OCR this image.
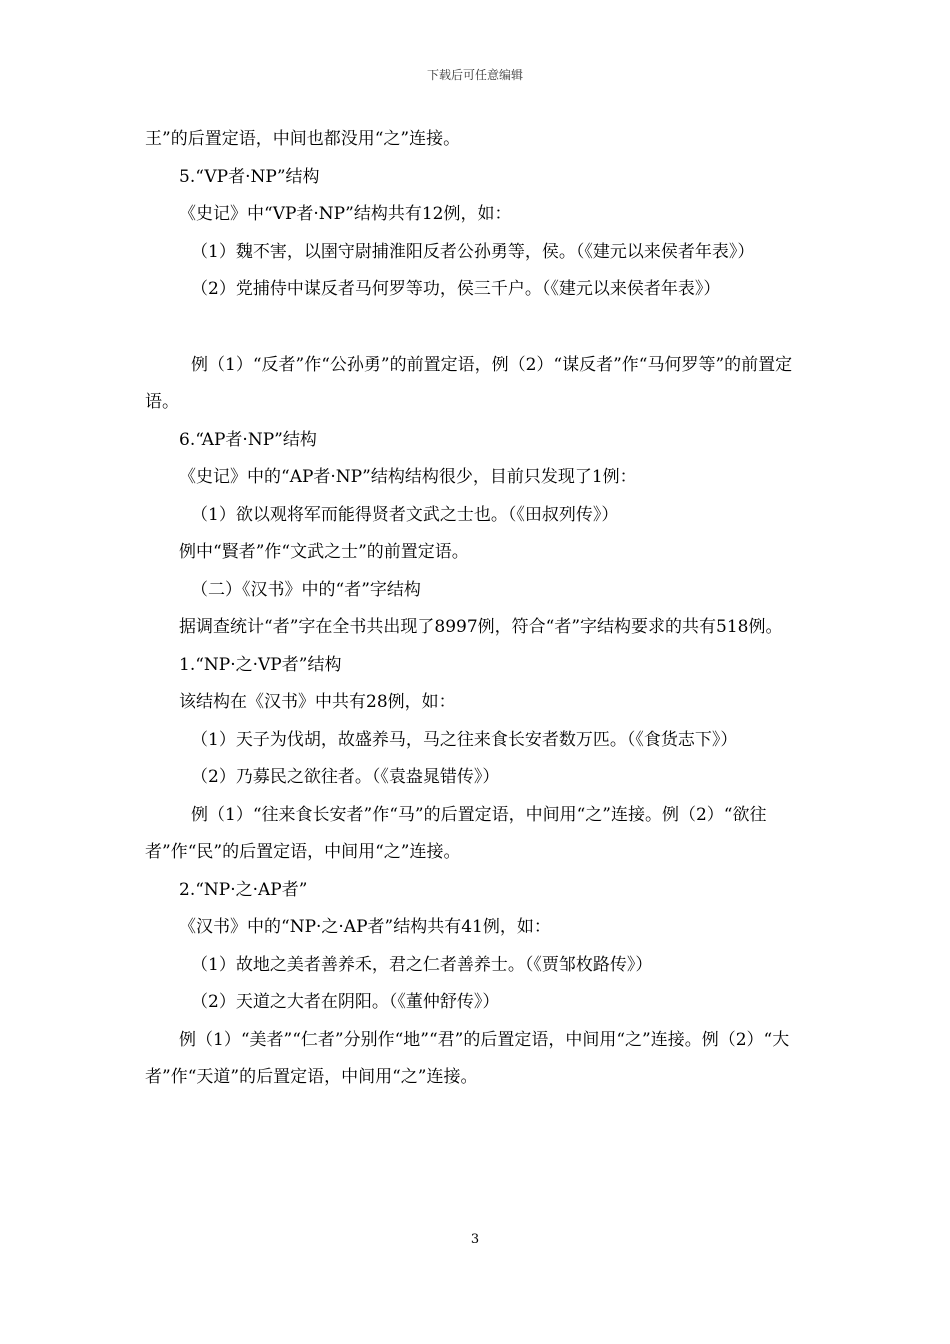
下载后可任意编辑

王”的后置定语，中间也都没用“之”连接。

5.“VP者·NP”结构

《史记》中“VP者·NP”结构共有12例，如：

（1）魏不害，以圉守尉捕淮阳反者公孙勇等，侯。（《建元以来侯者年表》）

（2）党捕侍中谋反者马何罗等功，侯三千户。（《建元以来侯者年表》）

例（1）“反者”作“公孙勇”的前置定语，例（2）“谋反者”作“马何罗等”的前置定语。

6.“AP者·NP”结构

《史记》中的“AP者·NP”结构结构很少，目前只发现了1例：

（1）欲以观将军而能得贤者文武之士也。（《田叔列传》）

例中“賢者”作“文武之士”的前置定语。

（二）《汉书》中的“者”字结构

据调查统计“者”字在全书共出现了8997例，符合“者”字结构要求的共有518例。

1.“NP·之·VP者”结构

该结构在《汉书》中共有28例，如：

（1）天子为伐胡，故盛养马，马之往来食长安者数万匹。（《食货志下》）

（2）乃募民之欲往者。（《袁盎晁错传》）

例（1）“往来食长安者”作“马”的后置定语，中间用“之”连接。例（2）“欲往者”作“民”的后置定语，中间用“之”连接。

2.“NP·之·AP者”

《汉书》中的“NP·之·AP者”结构共有41例，如：

（1）故地之美者善养禾，君之仁者善养士。（《贾邹枚路传》）

（2）天道之大者在阴阳。（《董仲舒传》）

例（1）“美者”“仁者”分别作“地”“君”的后置定语，中间用“之”连接。例（2）“大者”作“天道”的后置定语，中间用“之”连接。

3
